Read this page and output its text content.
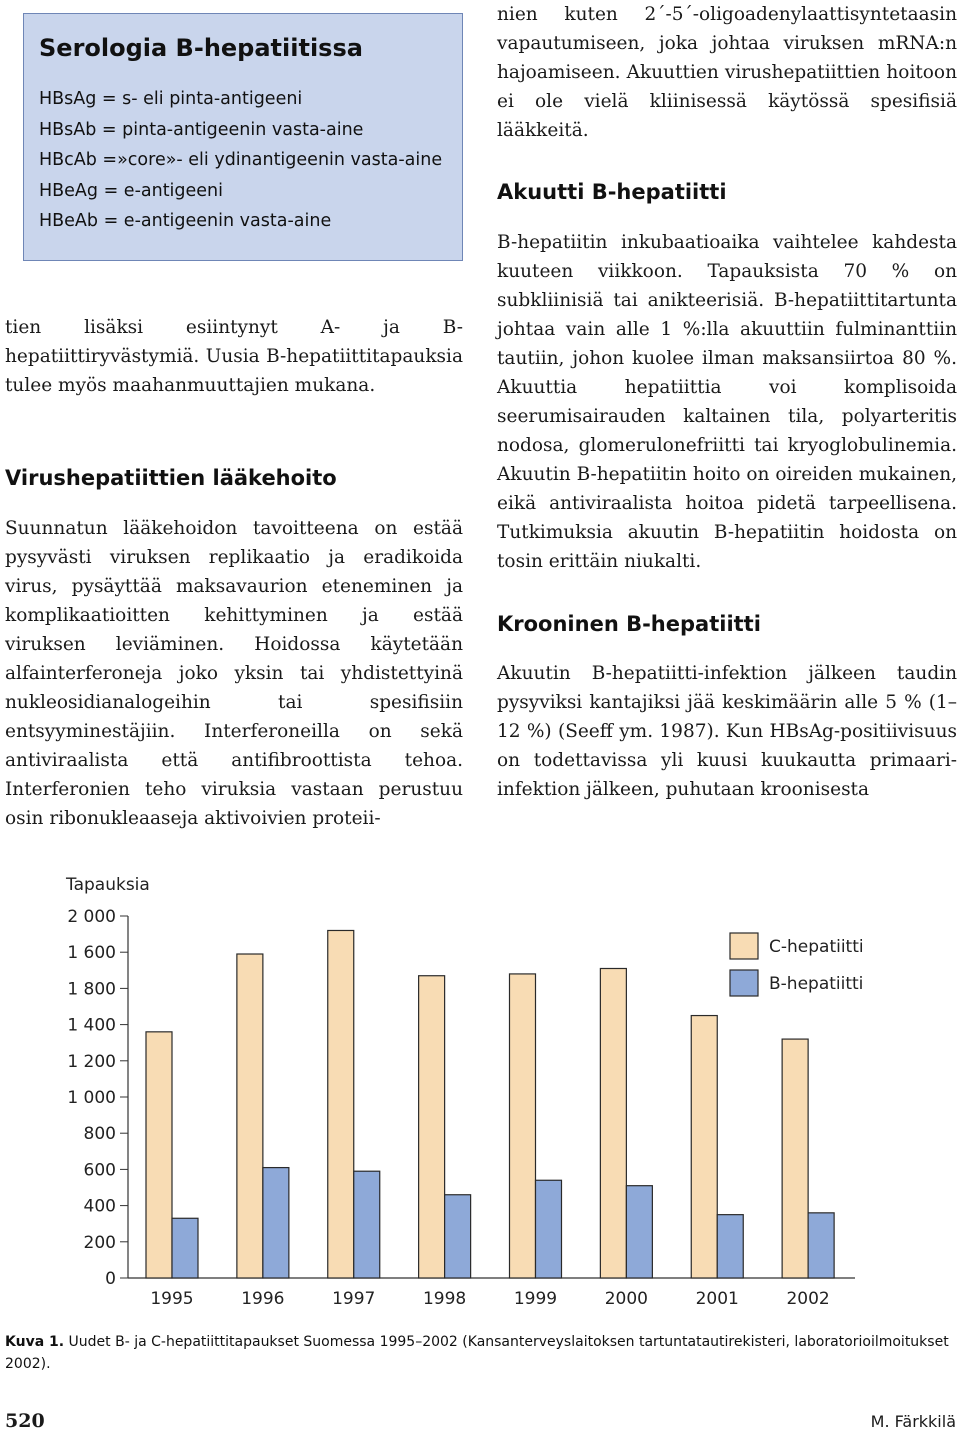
Serologia B-hepatiitissa
HBsAg = s- eli pinta-antigeeni
HBsAb = pinta-antigeenin vasta-aine
HBcAb =»core»- eli ydinantigeenin vasta-aine
HBeAg = e-antigeeni
HBeAb = e-antigeenin vasta-aine
tien lisäksi esiintynyt A- ja B-hepatiittiryvästymiä. Uusia B-hepatiittitapauksia tulee myös maahanmuuttajien mukana.
Virushepatiittien lääkehoito
Suunnatun lääkehoidon tavoitteena on estää pysyvästi viruksen replikaatio ja eradikoida virus, pysäyttää maksavaurion eteneminen ja komplikaatioitten kehittyminen ja estää viruksen leviäminen. Hoidossa käytetään alfainterferoneja joko yksin tai yhdistettyinä nukleosidianalogeihin tai spesifisiin entsyyminestäjiin. Interferoneilla on sekä antiviraalista että antifibroottista tehoa. Interferonien teho viruksia vastaan perustuu osin ribonukleaaseja aktivoivien proteii-
nien kuten 2´-5´-oligoadenylaattisyntetaasin vapautumiseen, joka johtaa viruksen mRNA:n hajoamiseen. Akuuttien virushepatiittien hoitoon ei ole vielä kliinisessä käytössä spesifisiä lääkkeitä.
Akuutti B-hepatiitti
B-hepatiitin inkubaatioaika vaihtelee kahdesta kuuteen viikkoon. Tapauksista 70 % on subkliinisiä tai anikteerisiä. B-hepatiittitartunta johtaa vain alle 1 %:lla akuuttiin fulminanttiin tautiin, johon kuolee ilman maksansiirtoa 80 %. Akuuttia hepatiittia voi komplisoida seerumisairauden kaltainen tila, polyarteritis nodosa, glomerulonefriitti tai kryoglobulinemia. Akuutin B-hepatiitin hoito on oireiden mukainen, eikä antiviraalista hoitoa pidetä tarpeellisena. Tutkimuksia akuutin B-hepatiitin hoidosta on tosin erittäin niukalti.
Krooninen B-hepatiitti
Akuutin B-hepatiitti-infektion jälkeen taudin pysyviksi kantajiksi jää keskimäärin alle 5 % (1–12 %) (Seeff ym. 1987). Kun HBsAg-positiivisuus on todettavissa yli kuusi kuukautta primaari-infektion jälkeen, puhutaan kroonisesta
Tapauksia
0
200
400
600
800
1 000
1 200
1 400
1 800
1 600
2 000
1995	1996	1997	1998	1999	2000	2001	2002
C-hepatiitti
B-hepatiitti
Kuva 1. Uudet B- ja C-hepatiittitapaukset Suomessa 1995–2002 (Kansanterveyslaitoksen tartuntatautirekisteri, laboratorioilmoitukset 2002).
520	M. Färkkilä
